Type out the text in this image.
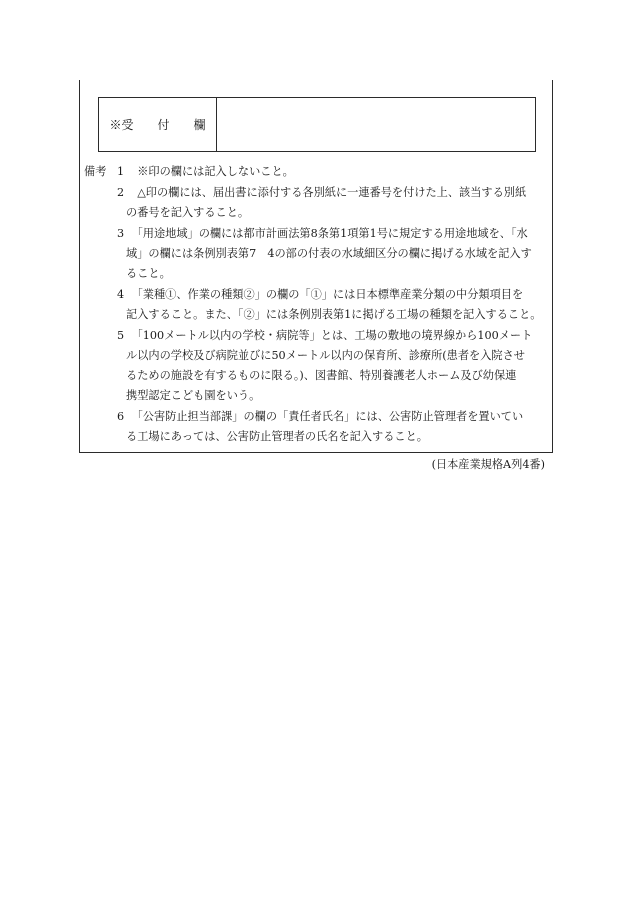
※受　　付　　欄
備考 1 　※印の欄には記入しないこと。
2 　△印の欄には、届出書に添付する各別紙に一連番号を付けた上、該当する別紙
の番号を記入すること。
3 　「用途地域」の欄には都市計画法第8条第1項第1号に規定する用途地域を、「水
域」の欄には条例別表第7　4の部の付表の水域細区分の欄に掲げる水域を記入す
ること。
4 　「業種①、作業の種類②」の欄の「①」には日本標準産業分類の中分類項目を
記入すること。また、「②」には条例別表第1に掲げる工場の種類を記入すること。
5 　「100メートル以内の学校・病院等」とは、工場の敷地の境界線から100メート
ル以内の学校及び病院並びに50メートル以内の保育所、診療所(患者を入院させ
るための施設を有するものに限る。)、図書館、特別養護老人ホーム及び幼保連
携型認定こども園をいう。
6 　「公害防止担当部課」の欄の「責任者氏名」には、公害防止管理者を置いてい
る工場にあっては、公害防止管理者の氏名を記入すること。
(日本産業規格A列4番)
